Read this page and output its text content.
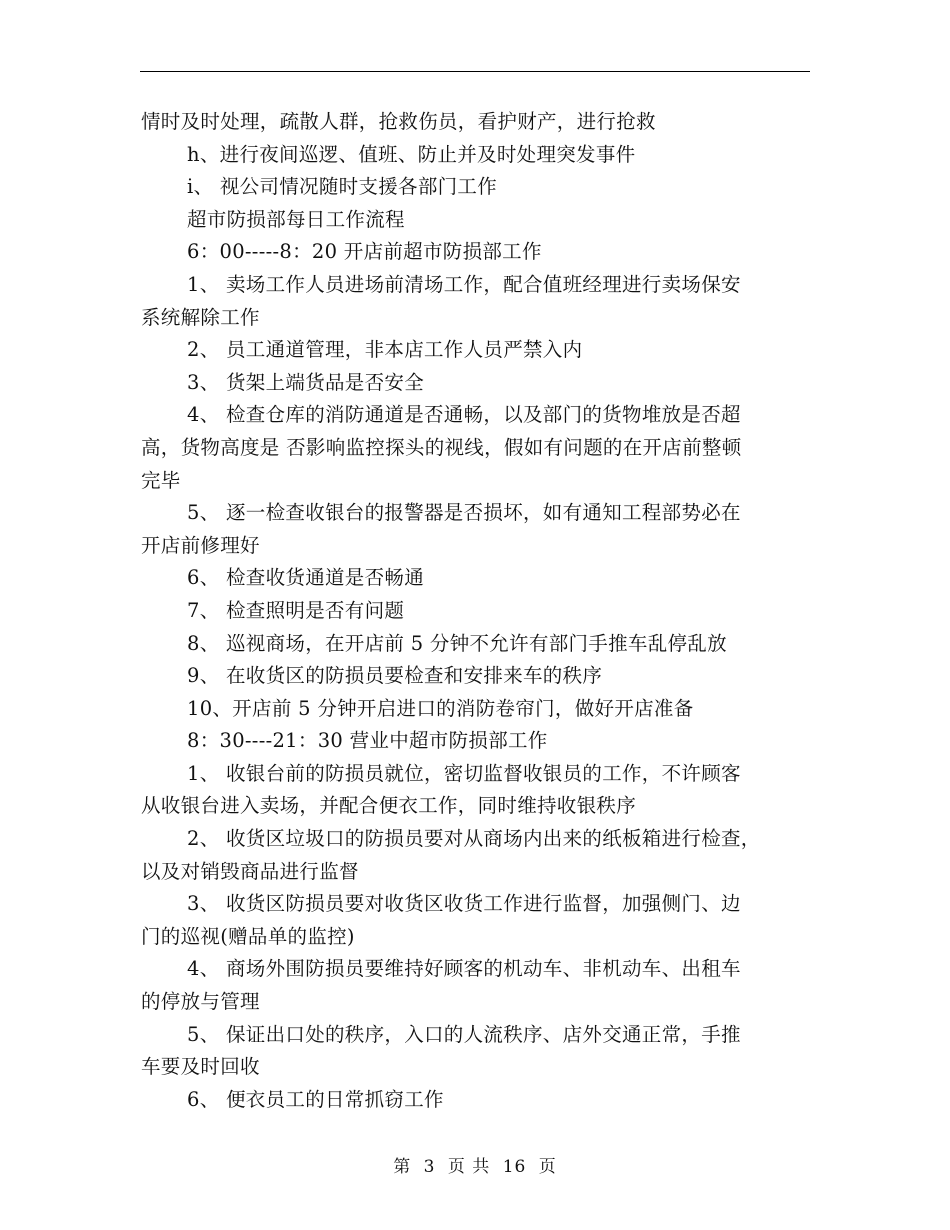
情时及时处理，疏散人群，抢救伤员，看护财产，进行抢救
h、进行夜间巡逻、值班、防止并及时处理突发事件
i、 视公司情况随时支援各部门工作
超市防损部每日工作流程
6：00-----8：20 开店前超市防损部工作
1、 卖场工作人员进场前清场工作，配合值班经理进行卖场保安
系统解除工作
2、 员工通道管理，非本店工作人员严禁入内
3、 货架上端货品是否安全
4、 检查仓库的消防通道是否通畅，以及部门的货物堆放是否超
高，货物高度是 否影响监控探头的视线，假如有问题的在开店前整顿
完毕
5、 逐一检查收银台的报警器是否损坏，如有通知工程部势必在
开店前修理好
6、 检查收货通道是否畅通
7、 检查照明是否有问题
8、 巡视商场，在开店前 5 分钟不允许有部门手推车乱停乱放
9、 在收货区的防损员要检查和安排来车的秩序
10、开店前 5 分钟开启进口的消防卷帘门，做好开店准备
8：30----21：30 营业中超市防损部工作
1、 收银台前的防损员就位，密切监督收银员的工作，不许顾客
从收银台进入卖场，并配合便衣工作，同时维持收银秩序
2、 收货区垃圾口的防损员要对从商场内出来的纸板箱进行检查，
以及对销毁商品进行监督
3、 收货区防损员要对收货区收货工作进行监督，加强侧门、边
门的巡视(赠品单的监控)
4、 商场外围防损员要维持好顾客的机动车、非机动车、出租车
的停放与管理
5、 保证出口处的秩序，入口的人流秩序、店外交通正常，手推
车要及时回收
6、 便衣员工的日常抓窃工作
第 3 页 共 16 页
